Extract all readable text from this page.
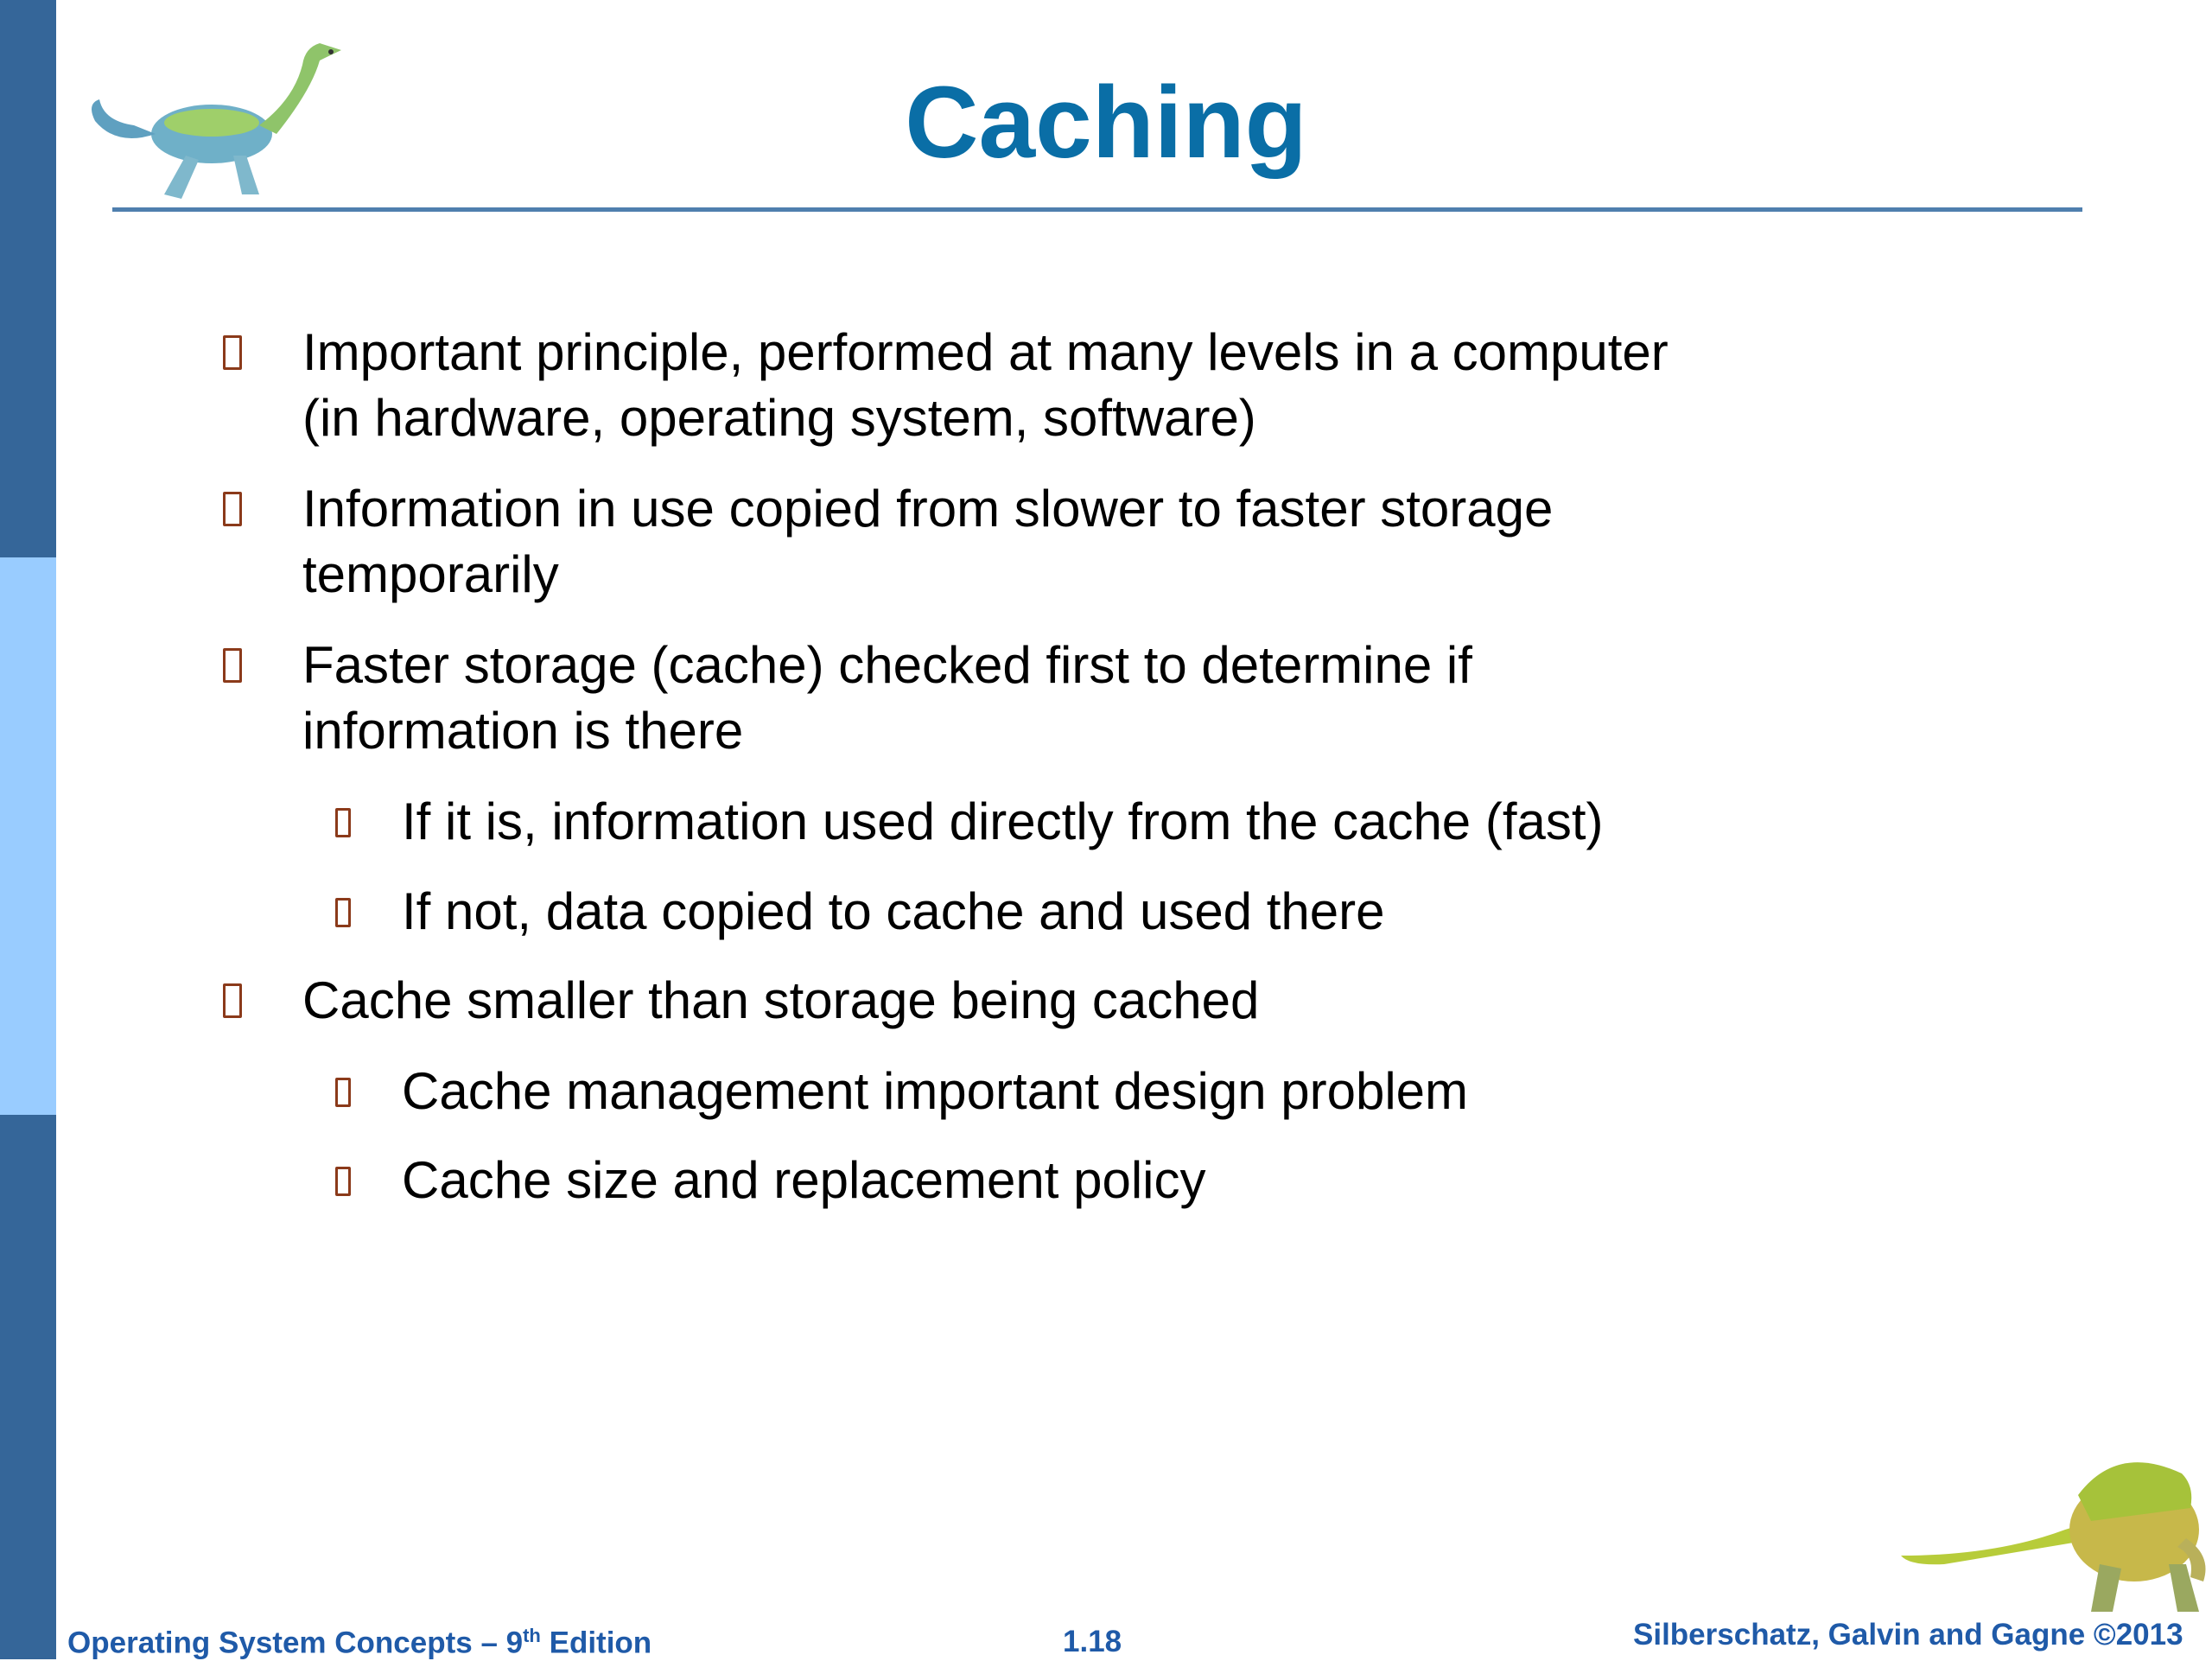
Caching

Important principle, performed at many levels in a computer

(in hardware, operating system, software)

Information in use copied from slower to faster storage

temporarily

Faster storage (cache) checked first to determine if

information is there

If it is, information used directly from the cache (fast)

If not, data copied to cache and used there

Cache smaller than storage being cached

Cache management important design problem

Cache size and replacement policy

Operating System Concepts – 9th Edition	1.18	Silberschatz, Galvin and Gagne ©2013
